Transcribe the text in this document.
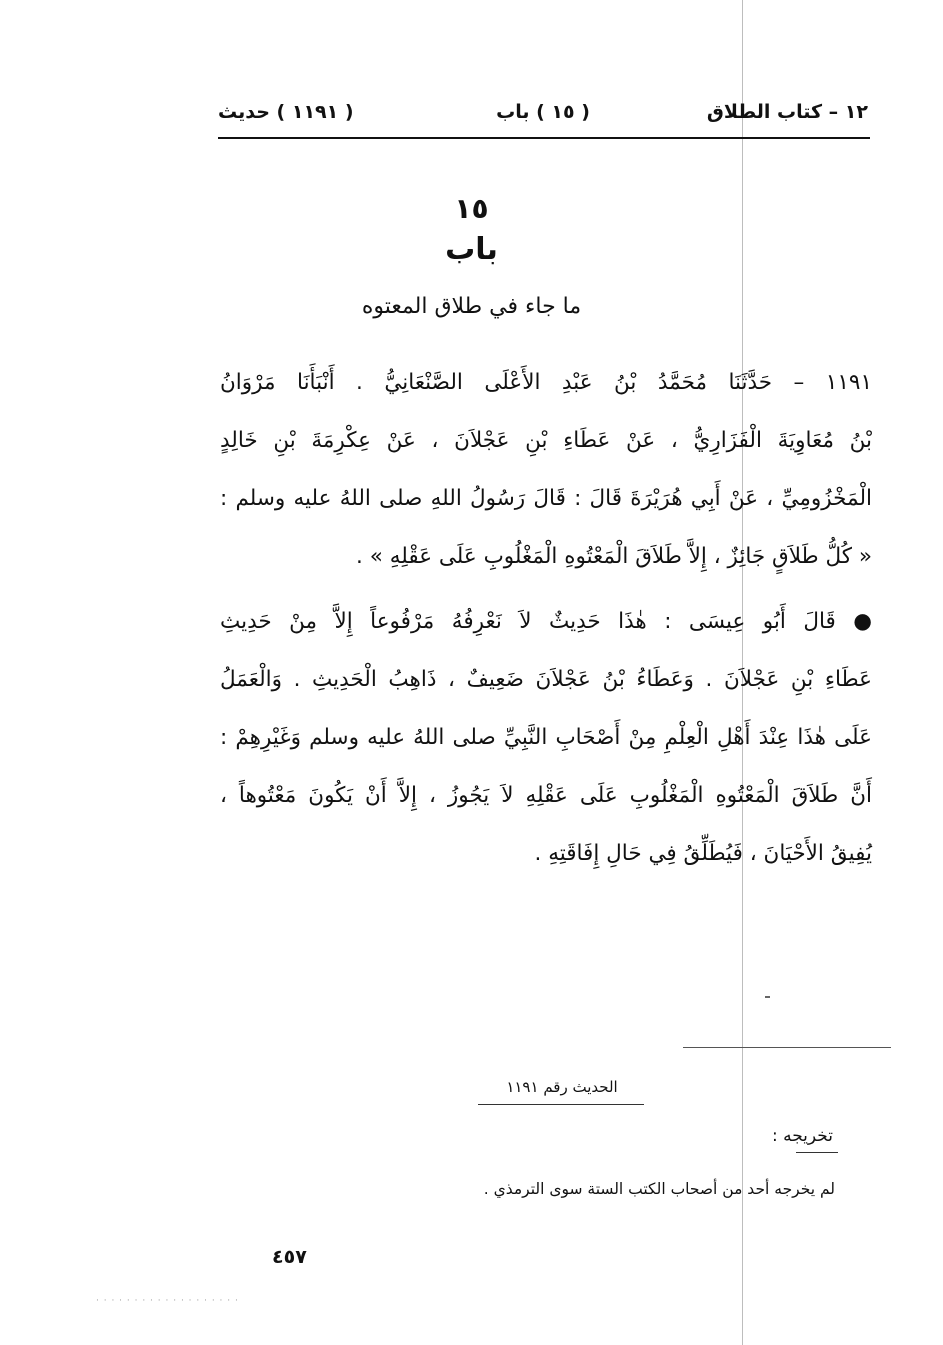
١٢ – كتاب الطلاق
( ١٥ ) باب
( ١١٩١ ) حديث
١٥
باب
ما جاء في طلاق المعتوه
١١٩١ – حَدَّثَنَا مُحَمَّدُ بْنُ عَبْدِ الأَعْلَى الصَّنْعَانِيُّ . أَنْبَأَنَا مَرْوَانُ
بْنُ مُعَاوِيَةَ الْفَزَارِيُّ ، عَنْ عَطَاءِ بْنِ عَجْلاَنَ ، عَنْ عِكْرِمَةَ بْنِ خَالِدٍ
الْمَخْزُومِيِّ ، عَنْ أَبِي هُرَيْرَةَ قَالَ : قَالَ رَسُولُ اللهِ صلى اللهُ عليه وسلم :
« كُلُّ طَلاَقٍ جَائِزٌ ، إِلاَّ طَلاَقَ الْمَعْتُوهِ الْمَغْلُوبِ عَلَى عَقْلِهِ » .
● قَالَ أَبُو عِيسَى : هٰذَا حَدِيثٌ لاَ نَعْرِفُهُ مَرْفُوعاً إِلاَّ مِنْ حَدِيثِ
عَطَاءِ بْنِ عَجْلاَنَ . وَعَطَاءُ بْنُ عَجْلاَنَ ضَعِيفٌ ، ذَاهِبُ الْحَدِيثِ . وَالْعَمَلُ
عَلَى هٰذَا عِنْدَ أَهْلِ الْعِلْمِ مِنْ أَصْحَابِ النَّبِيِّ صلى اللهُ عليه وسلم وَغَيْرِهِمْ :
أَنَّ طَلاَقَ الْمَعْتُوهِ الْمَغْلُوبِ عَلَى عَقْلِهِ لاَ يَجُوزُ ، إِلاَّ أَنْ يَكُونَ مَعْتُوهاً ،
يُفِيقُ الأَحْيَانَ ، فَيُطَلِّقُ فِي حَالِ إِفَاقَتِهِ .
الحديث رقم ١١٩١
تخريجه :
لم يخرجه أحد من أصحاب الكتب الستة سوى الترمذي .
٤٥٧
· · · · · · · · · · · · · · · · · · ·
